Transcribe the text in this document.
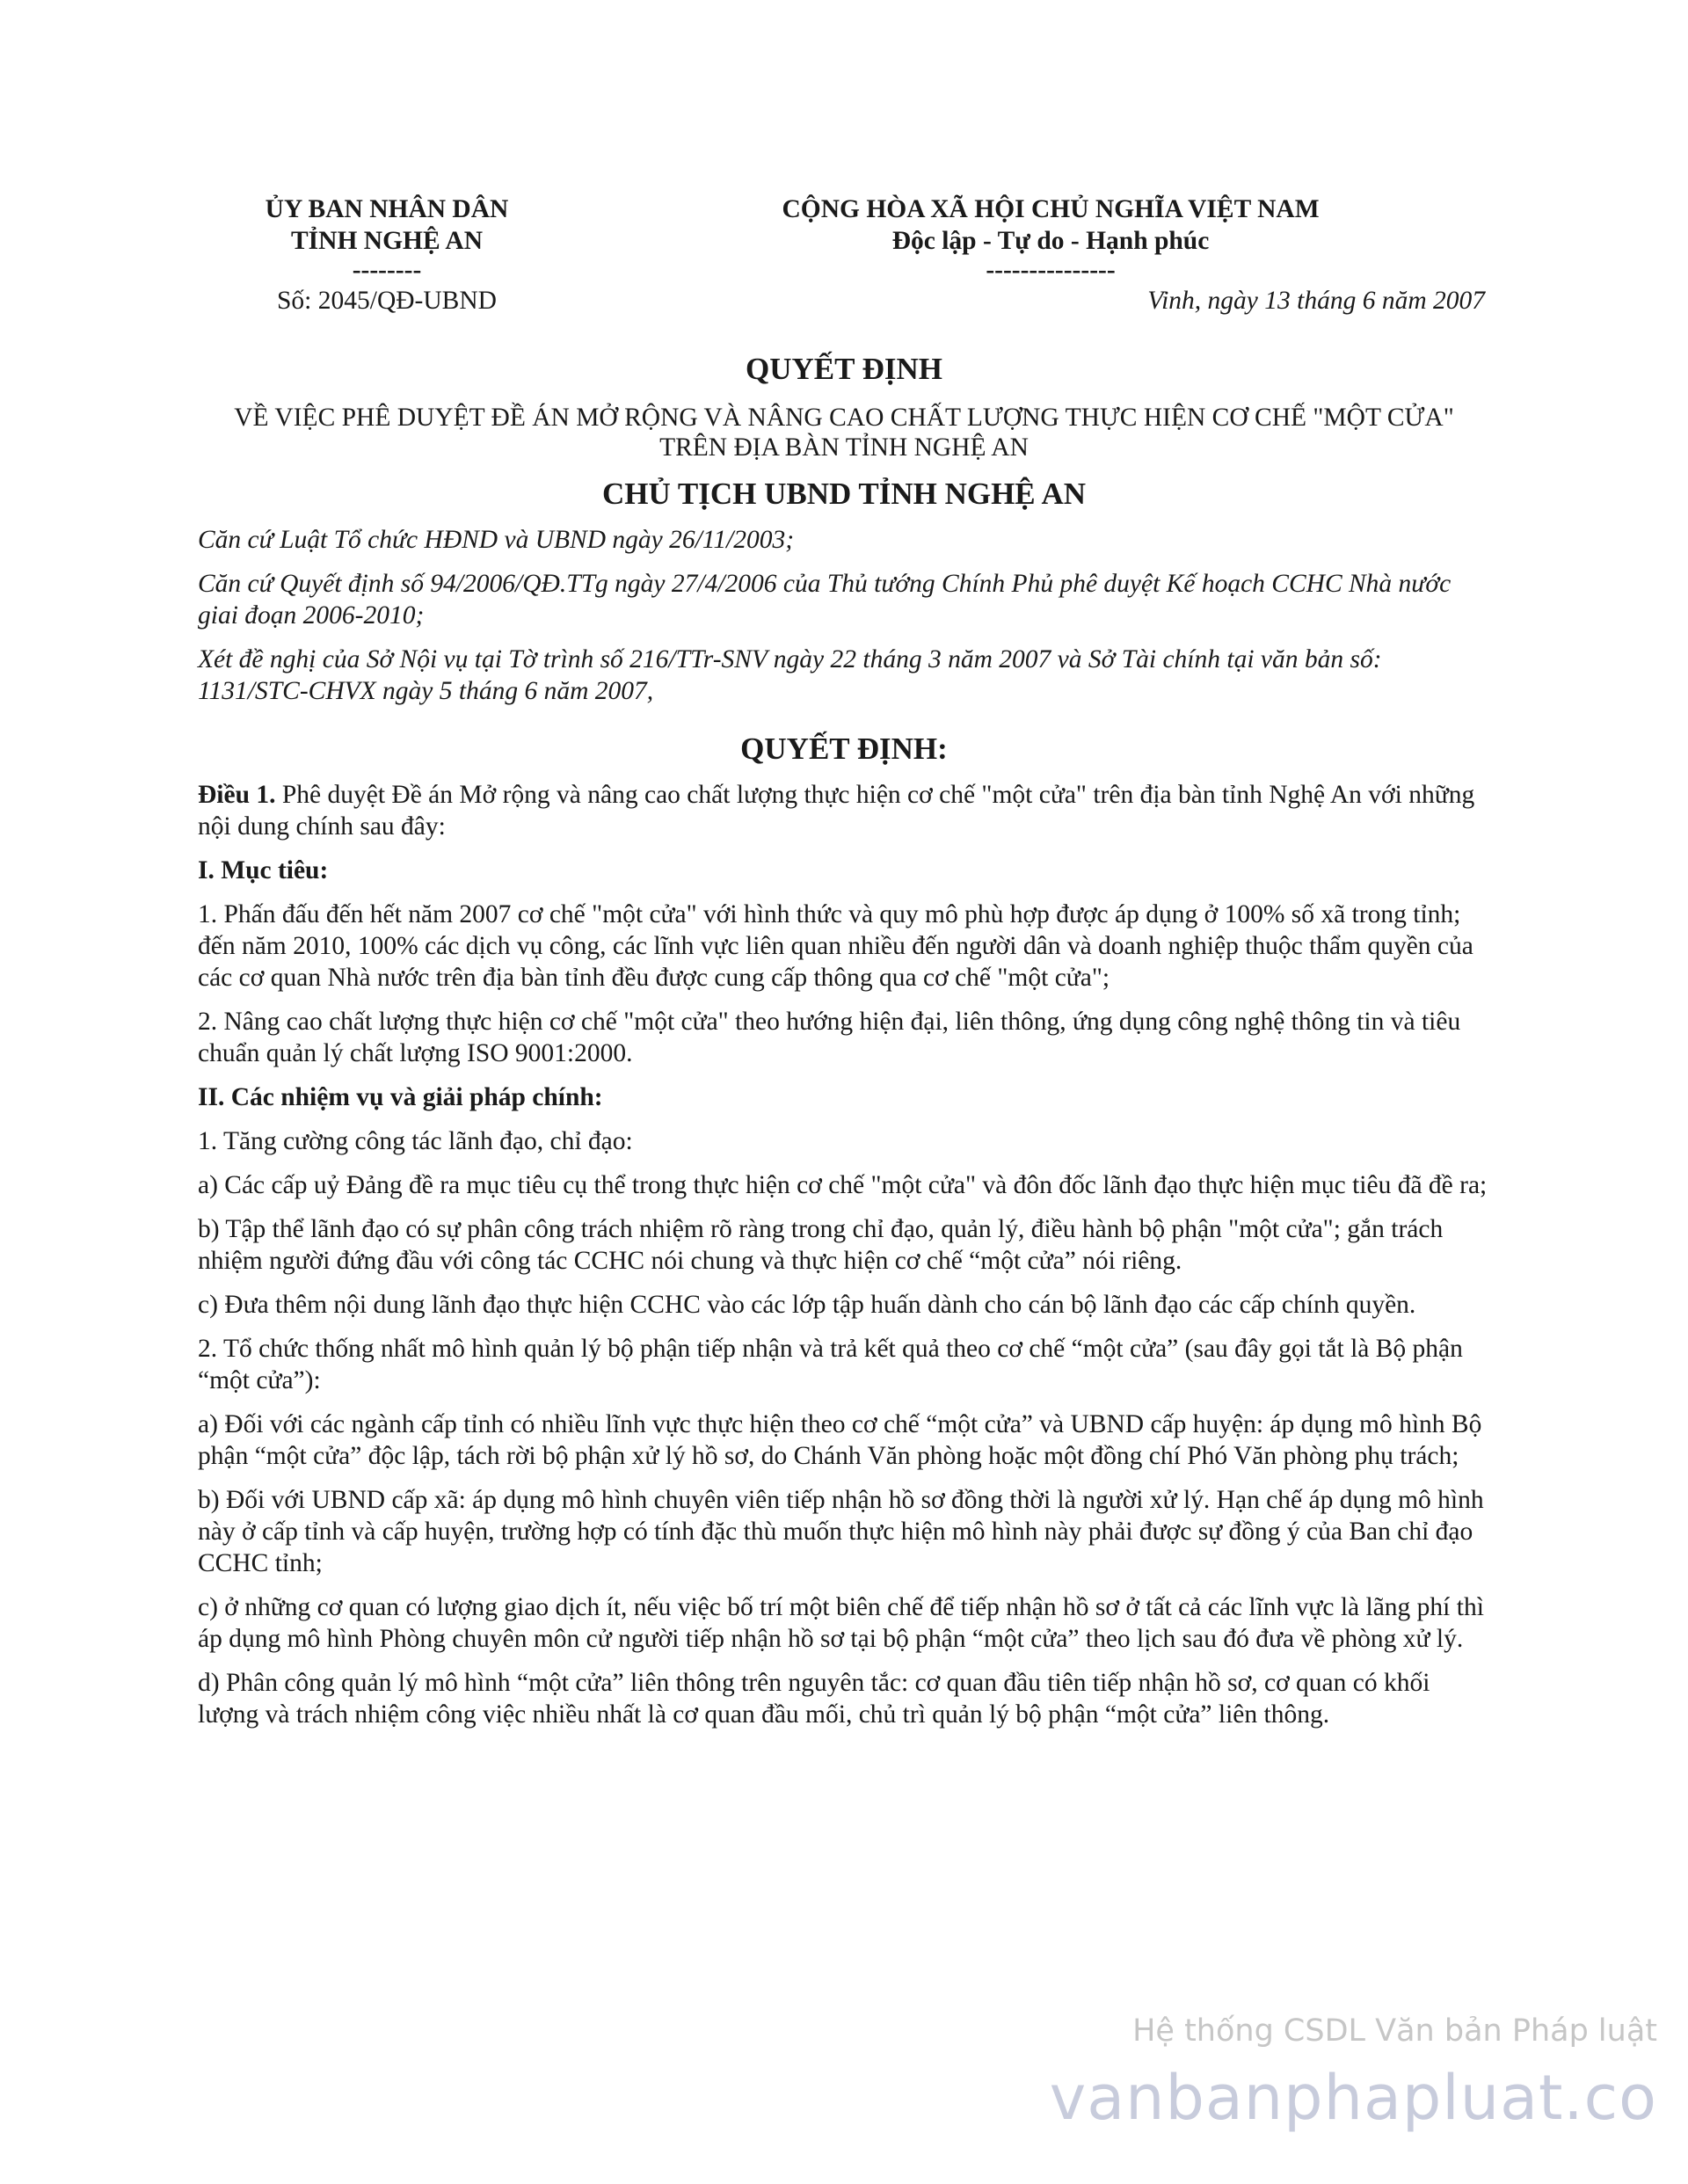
ỦY BAN NHÂN DÂN
TỈNH NGHỆ AN
--------
Số: 2045/QĐ-UBND
CỘNG HÒA XÃ HỘI CHỦ NGHĨA VIỆT NAM
Độc lập - Tự do - Hạnh phúc
---------------
Vinh, ngày 13 tháng 6 năm 2007
QUYẾT ĐỊNH
VỀ VIỆC PHÊ DUYỆT ĐỀ ÁN MỞ RỘNG VÀ NÂNG CAO CHẤT LƯỢNG THỰC HIỆN CƠ CHẾ "MỘT CỬA" TRÊN ĐỊA BÀN TỈNH NGHỆ AN
CHỦ TỊCH UBND TỈNH NGHỆ AN

Căn cứ Luật Tổ chức HĐND và UBND ngày 26/11/2003;

Căn cứ Quyết định số 94/2006/QĐ.TTg ngày 27/4/2006 của Thủ tướng Chính Phủ phê duyệt Kế hoạch CCHC Nhà nước giai đoạn 2006-2010;

Xét đề nghị của Sở Nội vụ tại Tờ trình số 216/TTr-SNV ngày 22 tháng 3 năm 2007 và Sở Tài chính tại văn bản số: 1131/STC-CHVX ngày 5 tháng 6 năm 2007,

QUYẾT ĐỊNH:

Điều 1. Phê duyệt Đề án Mở rộng và nâng cao chất lượng thực hiện cơ chế "một cửa" trên địa bàn tỉnh Nghệ An với những nội dung chính sau đây:

I. Mục tiêu:

1. Phấn đấu đến hết năm 2007 cơ chế "một cửa" với hình thức và quy mô phù hợp được áp dụng ở 100% số xã trong tỉnh; đến năm 2010, 100% các dịch vụ công, các lĩnh vực liên quan nhiều đến người dân và doanh nghiệp thuộc thẩm quyền của các cơ quan Nhà nước trên địa bàn tỉnh đều được cung cấp thông qua cơ chế "một cửa";

2. Nâng cao chất lượng thực hiện cơ chế "một cửa" theo hướng hiện đại, liên thông, ứng dụng công nghệ thông tin và tiêu chuẩn quản lý chất lượng ISO 9001:2000.

II. Các nhiệm vụ và giải pháp chính:

1. Tăng cường công tác lãnh đạo, chỉ đạo:

a) Các cấp uỷ Đảng đề ra mục tiêu cụ thể trong thực hiện cơ chế "một cửa" và đôn đốc lãnh đạo thực hiện mục tiêu đã đề ra;

b) Tập thể lãnh đạo có sự phân công trách nhiệm rõ ràng trong chỉ đạo, quản lý, điều hành bộ phận "một cửa"; gắn trách nhiệm người đứng đầu với công tác CCHC nói chung và thực hiện cơ chế “một cửa” nói riêng.

c) Đưa thêm nội dung lãnh đạo thực hiện CCHC vào các lớp tập huấn dành cho cán bộ lãnh đạo các cấp chính quyền.

2. Tổ chức thống nhất mô hình quản lý bộ phận tiếp nhận và trả kết quả theo cơ chế “một cửa” (sau đây gọi tắt là Bộ phận “một cửa”):

a) Đối với các ngành cấp tỉnh có nhiều lĩnh vực thực hiện theo cơ chế “một cửa” và UBND cấp huyện: áp dụng mô hình Bộ phận “một cửa” độc lập, tách rời bộ phận xử lý hồ sơ, do Chánh Văn phòng hoặc một đồng chí Phó Văn phòng phụ trách;

b) Đối với UBND cấp xã: áp dụng mô hình chuyên viên tiếp nhận hồ sơ đồng thời là người xử lý. Hạn chế áp dụng mô hình này ở cấp tỉnh và cấp huyện, trường hợp có tính đặc thù muốn thực hiện mô hình này phải được sự đồng ý của Ban chỉ đạo CCHC tỉnh;

c) ở những cơ quan có lượng giao dịch ít, nếu việc bố trí một biên chế để tiếp nhận hồ sơ ở tất cả các lĩnh vực là lãng phí thì áp dụng mô hình Phòng chuyên môn cử người tiếp nhận hồ sơ tại bộ phận “một cửa” theo lịch sau đó đưa về phòng xử lý.

d) Phân công quản lý mô hình “một cửa” liên thông trên nguyên tắc: cơ quan đầu tiên tiếp nhận hồ sơ, cơ quan có khối lượng và trách nhiệm công việc nhiều nhất là cơ quan đầu mối, chủ trì quản lý bộ phận “một cửa” liên thông.

Hệ thống CSDL Văn bản Pháp luật
vanbanphapluat.co
